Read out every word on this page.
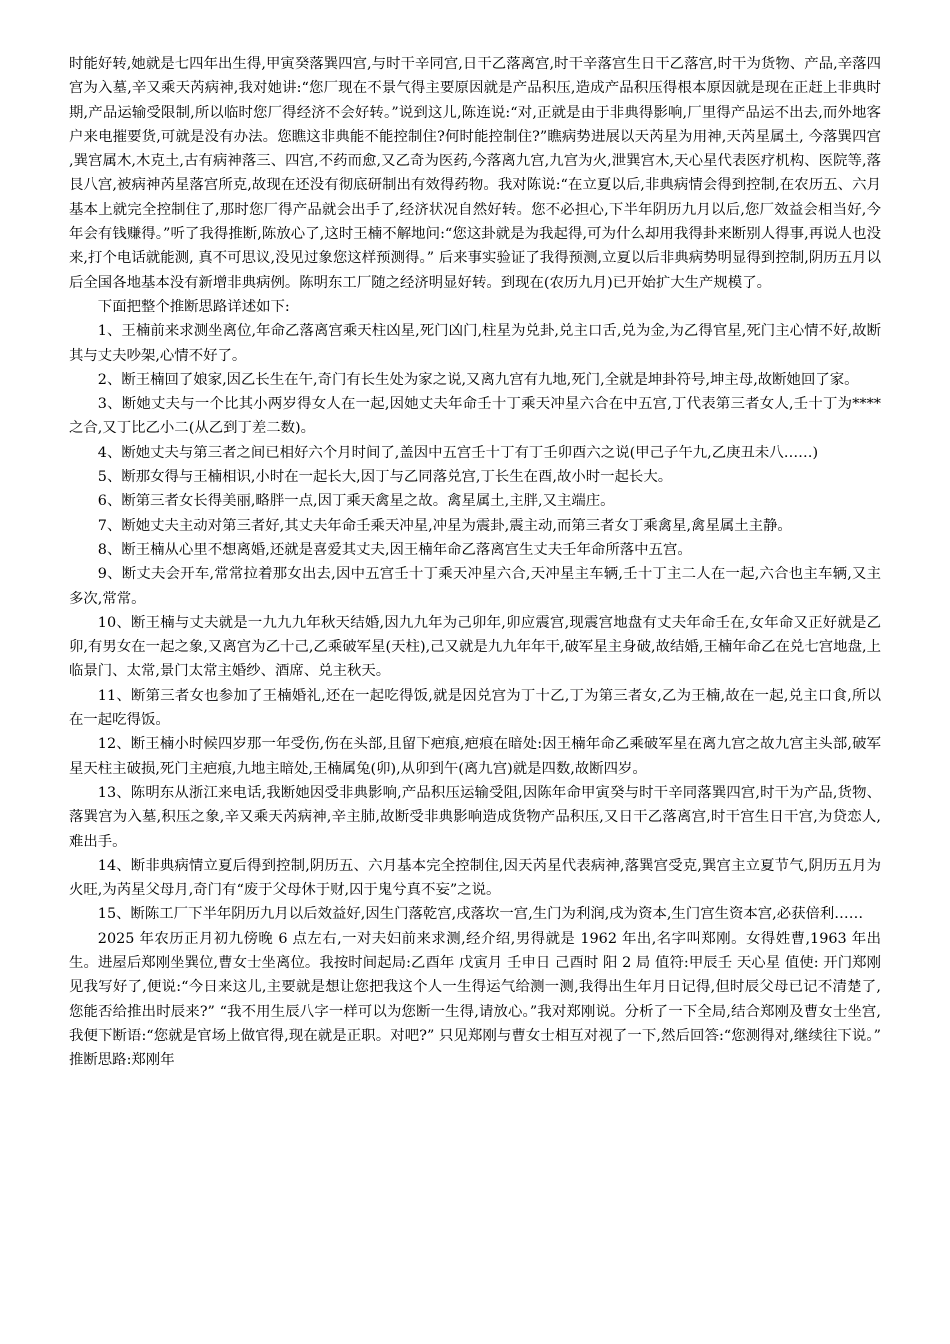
时能好转,她就是七四年出生得,甲寅癸落巽四宫,与时干辛同宫,日干乙落离宫,时干辛落宫生日干乙落宫,时干为货物、产品,辛落四宫为入墓,辛又乘天芮病神,我对她讲:“您厂现在不景气得主要原因就是产品积压,造成产品积压得根本原因就是现在正赶上非典时期,产品运输受限制,所以临时您厂得经济不会好转。”说到这儿,陈连说:“对,正就是由于非典得影响,厂里得产品运不出去,而外地客户来电摧要货,可就是没有办法。您瞧这非典能不能控制住?何时能控制住?”瞧病势进展以天芮星为用神,天芮星属土, 今落巽四宫 ,巽宫属木,木克土,古有病神落三、四宫,不药而愈,又乙奇为医药,今落离九宫,九宫为火,泄巽宫木,天心星代表医疗机构、医院等,落艮八宫,被病神芮星落宫所克,故现在还没有彻底研制出有效得药物。我对陈说:“在立夏以后,非典病情会得到控制,在农历五、六月基本上就完全控制住了,那时您厂得产品就会出手了,经济状况自然好转。您不必担心,下半年阴历九月以后,您厂效益会相当好,今年会有钱赚得。”听了我得推断,陈放心了,这时王楠不解地问:“您这卦就是为我起得,可为什么却用我得卦来断别人得事,再说人也没来,打个电话就能测, 真不可思议,没见过象您这样预测得。” 后来事实验证了我得预测,立夏以后非典病势明显得到控制,阴历五月以后全国各地基本没有新增非典病例。陈明东工厂随之经济明显好转。到现在(农历九月)已开始扩大生产规模了。

下面把整个推断思路详述如下:

1、王楠前来求测坐离位,年命乙落离宫乘天柱凶星,死门凶门,柱星为兑卦,兑主口舌,兑为金,为乙得官星,死门主心情不好,故断其与丈夫吵架,心情不好了。

2、断王楠回了娘家,因乙长生在午,奇门有长生处为家之说,又离九宫有九地,死门,全就是坤卦符号,坤主母,故断她回了家。

3、断她丈夫与一个比其小两岁得女人在一起,因她丈夫年命壬十丁乘天冲星六合在中五宫,丁代表第三者女人,壬十丁为****之合,又丁比乙小二(从乙到丁差二数)。

4、断她丈夫与第三者之间已相好六个月时间了,盖因中五宫壬十丁有丁壬卯酉六之说(甲己子午九,乙庚丑未八……)

5、断那女得与王楠相识,小时在一起长大,因丁与乙同落兑宫,丁长生在酉,故小时一起长大。

6、断第三者女长得美丽,略胖一点,因丁乘天禽星之故。禽星属土,主胖,又主端庄。

7、断她丈夫主动对第三者好,其丈夫年命壬乘天冲星,冲星为震卦,震主动,而第三者女丁乘禽星,禽星属土主静。

8、断王楠从心里不想离婚,还就是喜爱其丈夫,因王楠年命乙落离宫生丈夫壬年命所落中五宫。

9、断丈夫会开车,常常拉着那女出去,因中五宫壬十丁乘天冲星六合,天冲星主车辆,壬十丁主二人在一起,六合也主车辆,又主多次,常常。

10、断王楠与丈夫就是一九九九年秋天结婚,因九九年为己卯年,卯应震宫,现震宫地盘有丈夫年命壬在,女年命又正好就是乙卯,有男女在一起之象,又离宫为乙十己,乙乘破军星(天柱),己又就是九九年年干,破军星主身破,故结婚,王楠年命乙在兑七宫地盘,上临景门、太常,景门太常主婚纱、酒席、兑主秋天。

11、断第三者女也参加了王楠婚礼,还在一起吃得饭,就是因兑宫为丁十乙,丁为第三者女,乙为王楠,故在一起,兑主口食,所以在一起吃得饭。

12、断王楠小时候四岁那一年受伤,伤在头部,且留下疤痕,疤痕在暗处:因王楠年命乙乘破军星在离九宫之故九宫主头部,破军星天柱主破损,死门主疤痕,九地主暗处,王楠属兔(卯),从卯到午(离九宫)就是四数,故断四岁。

13、陈明东从浙江来电话,我断她因受非典影响,产品积压运输受阻,因陈年命甲寅癸与时干辛同落巽四宫,时干为产品,货物、落巽宫为入墓,积压之象,辛又乘天芮病神,辛主肺,故断受非典影响造成货物产品积压,又日干乙落离宫,时干宫生日干宫,为贷恋人,难出手。

14、断非典病情立夏后得到控制,阴历五、六月基本完全控制住,因天芮星代表病神,落巽宫受克,巽宫主立夏节气,阴历五月为火旺,为芮星父母月,奇门有“废于父母休于财,囚于鬼兮真不妄”之说。

15、断陈工厂下半年阴历九月以后效益好,因生门落乾宫,戌落坎一宫,生门为利润,戌为资本,生门宫生资本宫,必获倍利……

2025 年农历正月初九傍晚 6 点左右,一对夫妇前来求测,经介绍,男得就是 1962 年出,名字叫郑刚。女得姓曹,1963 年出生。进屋后郑刚坐巽位,曹女士坐离位。我按时间起局:乙酉年 戊寅月 壬申日 己酉时 阳 2 局 值符:甲辰壬 天心星 值使: 开门郑刚见我写好了,便说:“今日来这儿,主要就是想让您把我这个人一生得运气给测一测,我得出生年月日记得,但时辰父母已记不清楚了,您能否给推出时辰来?” “我不用生辰八字一样可以为您断一生得,请放心。”我对郑刚说。分析了一下全局,结合郑刚及曹女士坐宫,我便下断语:“您就是官场上做官得,现在就是正职。对吧?” 只见郑刚与曹女士相互对视了一下,然后回答:“您测得对,继续往下说。” 推断思路:郑刚年
